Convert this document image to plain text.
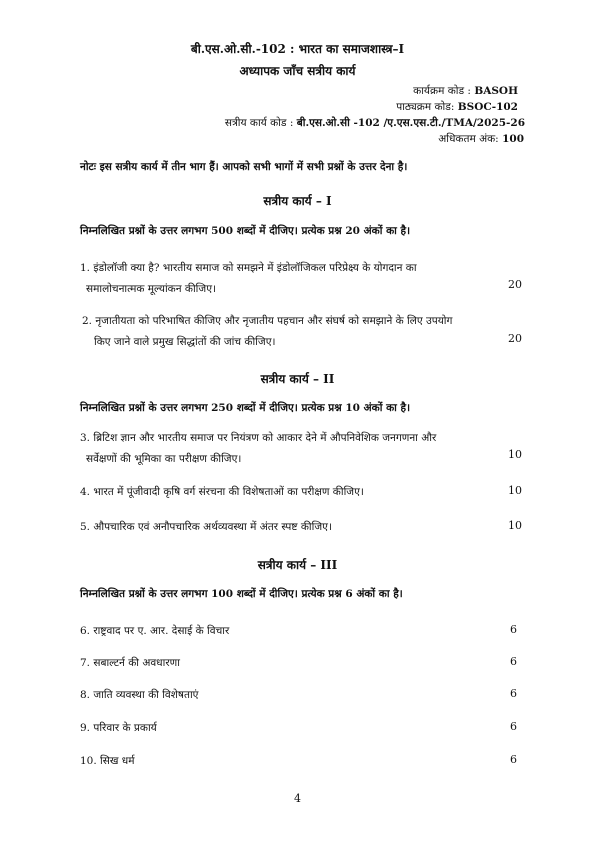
बी.एस.ओ.सी.-102 : भारत का समाजशास्त्र–I
अध्यापक जाँच सत्रीय कार्य
कार्यक्रम कोड : BASOH
पाठ्यक्रम कोड: BSOC-102
सत्रीय कार्य कोड : बी.एस.ओ.सी -102 /ए.एस.एस.टी./TMA/2025-26
अधिकतम अंक: 100
नोटः इस सत्रीय कार्य में तीन भाग हैं। आपको सभी भागों में सभी प्रश्नों के उत्तर देना है।
सत्रीय कार्य – I
निम्नलिखित प्रश्नों के उत्तर लगभग 500 शब्दों में दीजिए। प्रत्येक प्रश्न 20 अंकों का है।
1. इंडोलॉजी क्या है? भारतीय समाज को समझने में इंडोलॉजिकल परिप्रेक्ष्य के योगदान का
समालोचनात्मक मूल्यांकन कीजिए।	20
2. नृजातीयता को परिभाषित कीजिए और नृजातीय पहचान और संघर्ष को समझाने के लिए उपयोग
किए जाने वाले प्रमुख सिद्धांतों की जांच कीजिए।	20
सत्रीय कार्य – II
निम्नलिखित प्रश्नों के उत्तर लगभग 250 शब्दों में दीजिए। प्रत्येक प्रश्न 10 अंकों का है।
3. ब्रिटिश ज्ञान और भारतीय समाज पर नियंत्रण को आकार देने में औपनिवेशिक जनगणना और
सर्वेक्षणों की भूमिका का परीक्षण कीजिए।	10
4. भारत में पूंजीवादी कृषि वर्ग संरचना की विशेषताओं का परीक्षण कीजिए।	10
5. औपचारिक एवं अनौपचारिक अर्थव्यवस्था में अंतर स्पष्ट कीजिए।	10
सत्रीय कार्य – III
निम्नलिखित प्रश्नों के उत्तर लगभग 100 शब्दों में दीजिए। प्रत्येक प्रश्न 6 अंकों का है।
6. राष्ट्रवाद पर ए. आर. देसाई के विचार	6
7. सबाल्टर्न की अवधारणा	6
8. जाति व्यवस्था की विशेषताएं	6
9. परिवार के प्रकार्य	6
10. सिख धर्म	6
4
